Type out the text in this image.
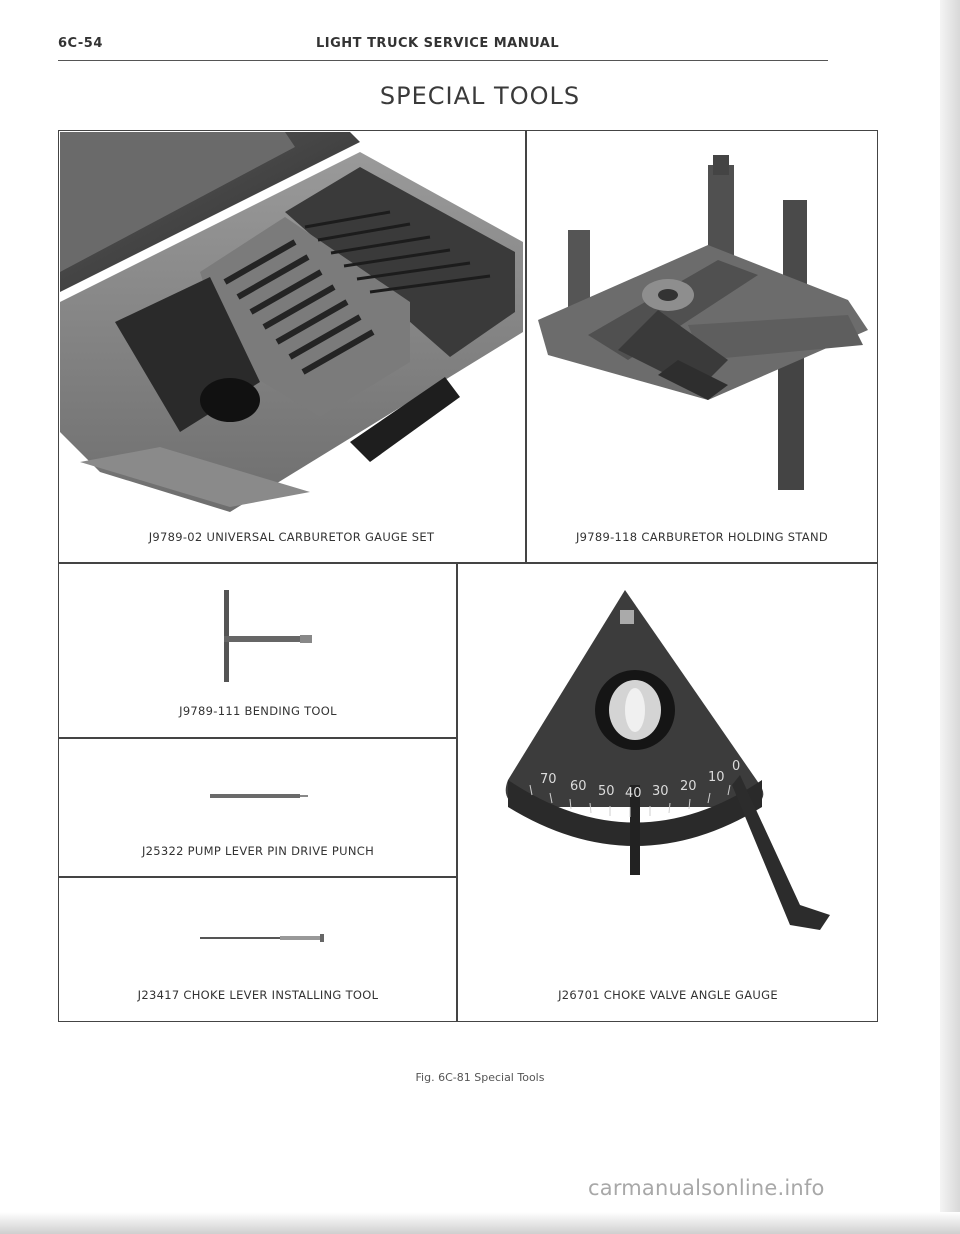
6C-54	LIGHT TRUCK SERVICE MANUAL
SPECIAL TOOLS
J9789-02 UNIVERSAL CARBURETOR GAUGE SET	J9789-118 CARBURETOR HOLDING STAND
J9789-111 BENDING TOOL
J25322 PUMP LEVER PIN DRIVE PUNCH
J23417 CHOKE LEVER INSTALLING TOOL
70 60 50 40 30 20
10
0
J26701 CHOKE VALVE ANGLE GAUGE
Fig. 6C-81 Special Tools
carmanualsonline.info
